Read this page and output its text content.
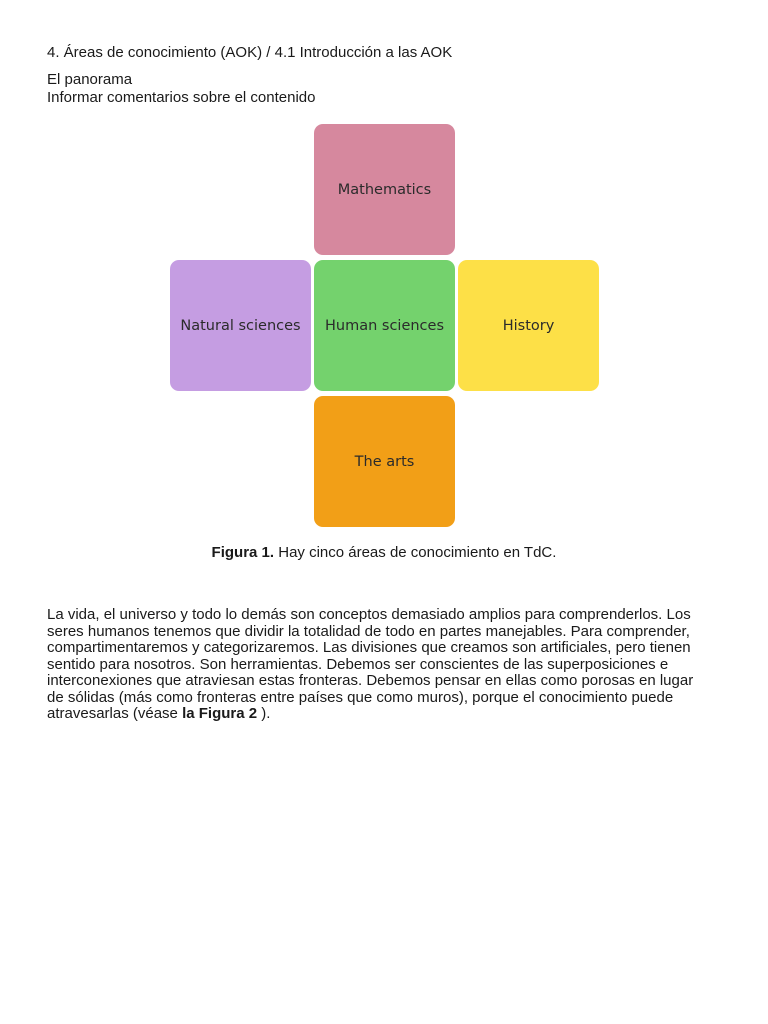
4. Áreas de conocimiento (AOK) / 4.1 Introducción a las AOK
El panorama
Informar comentarios sobre el contenido
Mathematics
Natural sciences Human sciences	History
The arts
Figura 1. Hay cinco áreas de conocimiento en TdC.
La vida, el universo y todo lo demás son conceptos demasiado amplios para comprenderlos. Los
seres humanos tenemos que dividir la totalidad de todo en partes manejables. Para comprender,
compartimentaremos y categorizaremos. Las divisiones que creamos son artificiales, pero tienen
sentido para nosotros. Son herramientas. Debemos ser conscientes de las superposiciones e
interconexiones que atraviesan estas fronteras. Debemos pensar en ellas como porosas en lugar
de sólidas (más como fronteras entre países que como muros), porque el conocimiento puede
atravesarlas (véase la Figura 2 ).
